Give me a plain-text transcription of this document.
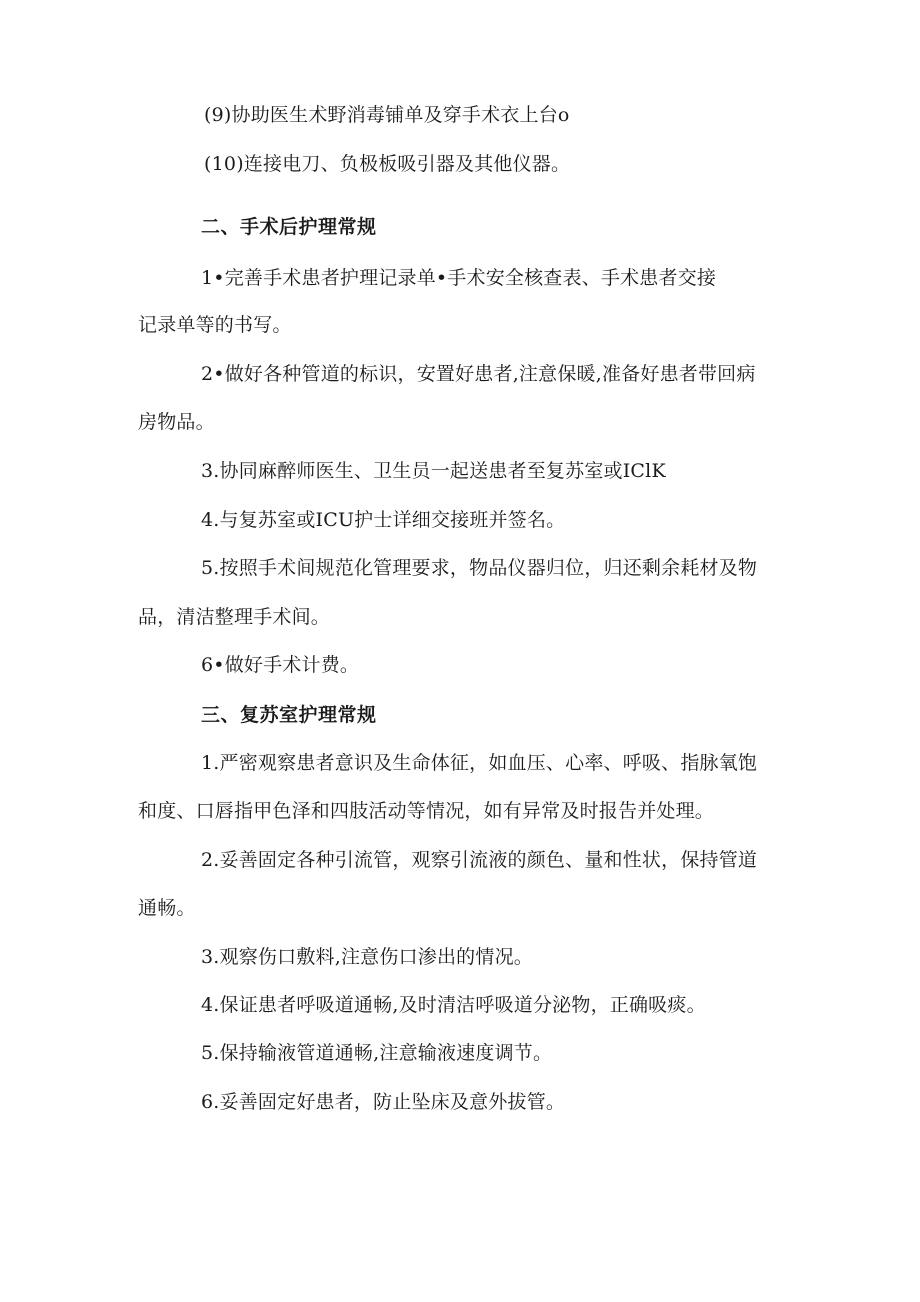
(9)协助医生术野消毒铺单及穿手术衣上台o
(10)连接电刀、负极板吸引器及其他仪器。
二、手术后护理常规
1•完善手术患者护理记录单•手术安全核查表、手术患者交接
记录单等的书写。
2•做好各种管道的标识，安置好患者,注意保暖,准备好患者带回病
房物品。
3.协同麻醉师医生、卫生员一起送患者至复苏室或IClK
4.与复苏室或ICU护士详细交接班并签名。
5.按照手术间规范化管理要求，物品仪器归位，归还剩余耗材及物
品，清洁整理手术间。
6•做好手术计费。
三、复苏室护理常规
1.严密观察患者意识及生命体征，如血压、心率、呼吸、指脉氧饱
和度、口唇指甲色泽和四肢活动等情况，如有异常及时报告并处理。
2.妥善固定各种引流管，观察引流液的颜色、量和性状，保持管道
通畅。
3.观察伤口敷料,注意伤口渗出的情况。
4.保证患者呼吸道通畅,及时清洁呼吸道分泌物，正确吸痰。
5.保持输液管道通畅,注意输液速度调节。
6.妥善固定好患者，防止坠床及意外拔管。
